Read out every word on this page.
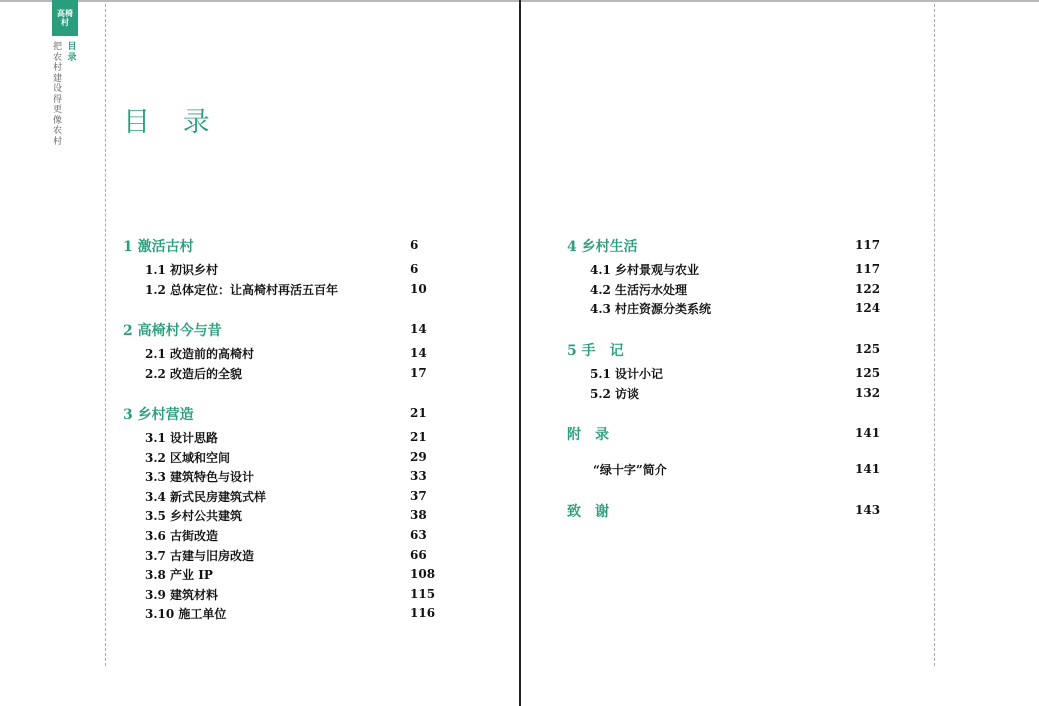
高椅村
目录
把农村建设得更像农村
目 录
1 激活古村	6
1.1 初识乡村	6
1.2 总体定位：让高椅村再活五百年	10
2 高椅村今与昔	14
2.1 改造前的高椅村	14
2.2 改造后的全貌	17
3 乡村营造	21
3.1 设计思路	21
3.2 区域和空间	29
3.3 建筑特色与设计	33
3.4 新式民房建筑式样	37
3.5 乡村公共建筑	38
3.6 古街改造	63
3.7 古建与旧房改造	66
3.8 产业 IP	108
3.9 建筑材料	115
3.10 施工单位	116
4 乡村生活	117
4.1 乡村景观与农业	117
4.2 生活污水处理	122
4.3 村庄资源分类系统	124
5 手　记	125
5.1 设计小记	125
5.2 访谈	132
附　录	141
“绿十字”简介	141
致　谢	143
